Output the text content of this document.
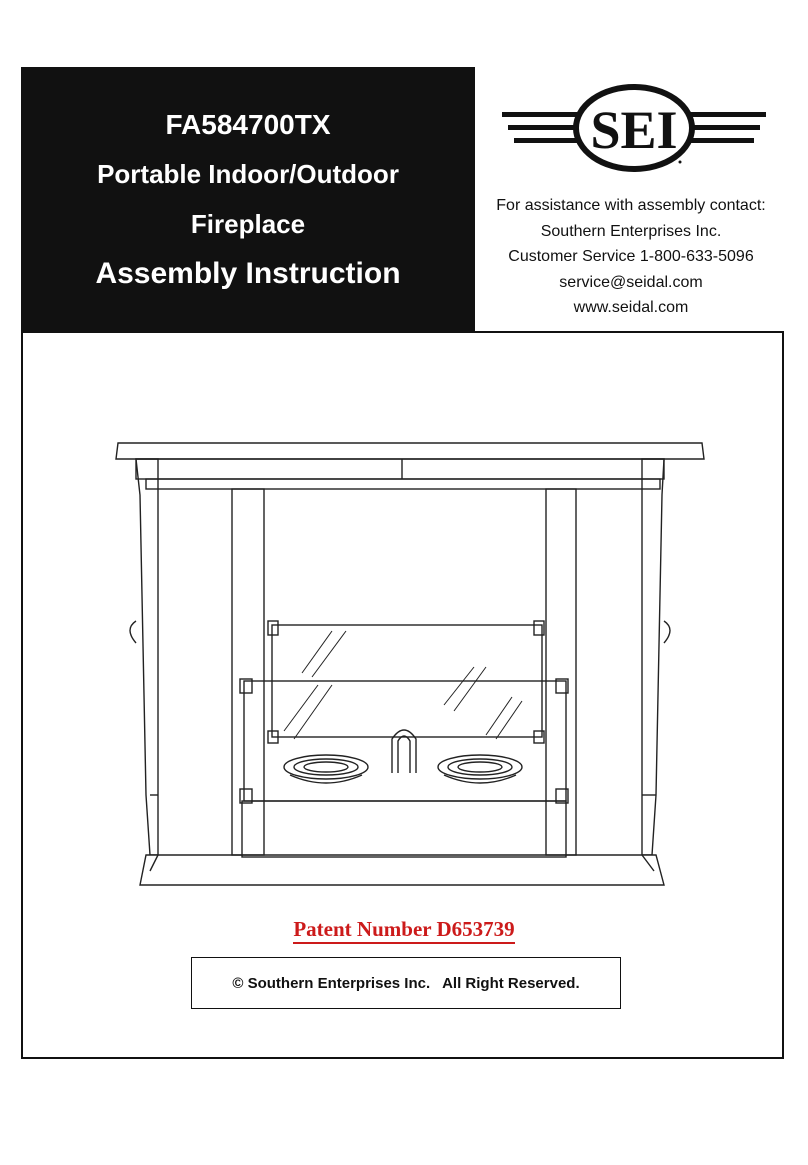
FA584700TX
Portable Indoor/Outdoor
Fireplace
Assembly Instruction
SEI
For assistance with assembly contact:
Southern Enterprises Inc.
Customer Service 1-800-633-5096
service@seidal.com
www.seidal.com
Patent Number D653739
© Southern Enterprises Inc.   All Right Reserved.
